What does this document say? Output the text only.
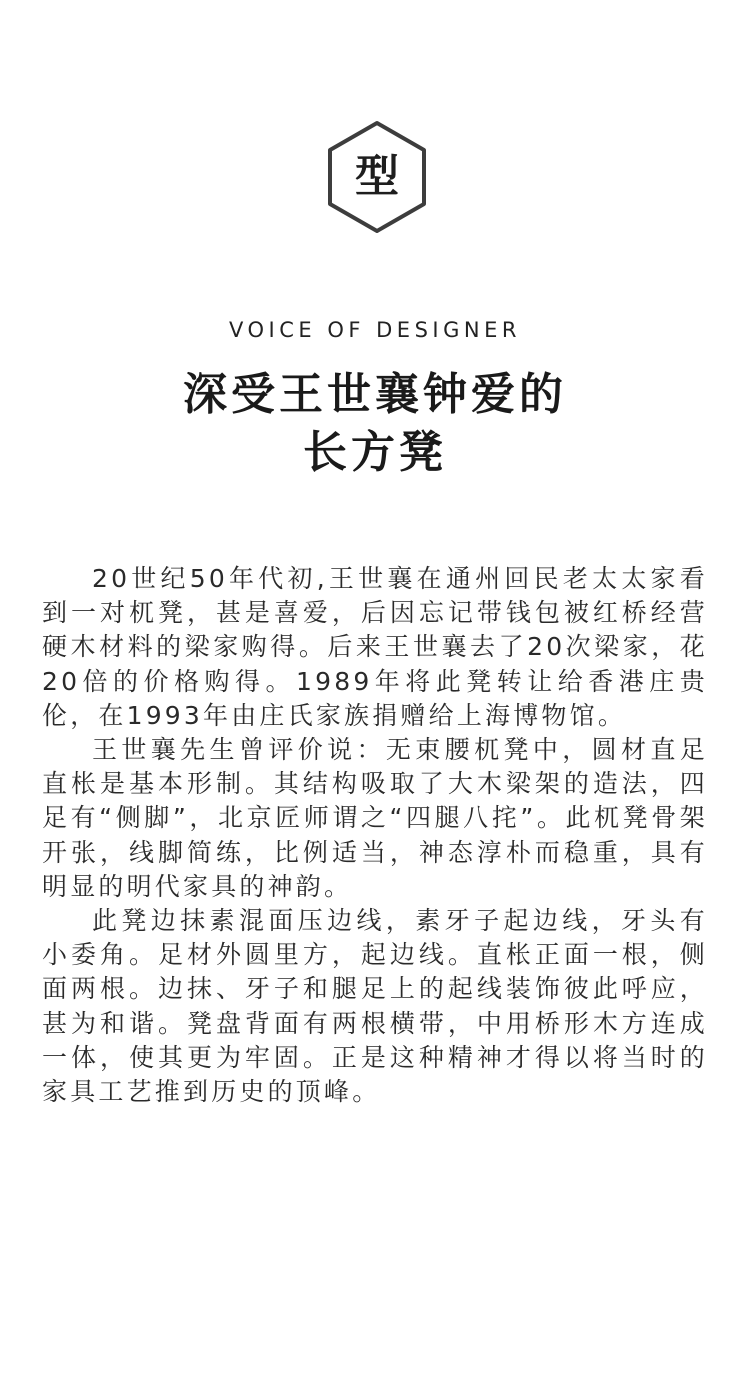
型
VOICE OF DESIGNER
深受王世襄钟爱的
长方凳

20世纪50年代初,王世襄在通州回民老太太家看到一对杌凳，甚是喜爱，后因忘记带钱包被红桥经营硬木材料的梁家购得。后来王世襄去了20次梁家，花20倍的价格购得。1989年将此凳转让给香港庄贵伦，在1993年由庄氏家族捐赠给上海博物馆。

王世襄先生曾评价说：无束腰杌凳中，圆材直足直枨是基本形制。其结构吸取了大木梁架的造法，四足有“侧脚”，北京匠师谓之“四腿八挓”。此杌凳骨架开张，线脚简练，比例适当，神态淳朴而稳重，具有明显的明代家具的神韵。

此凳边抹素混面压边线，素牙子起边线，牙头有小委角。足材外圆里方，起边线。直枨正面一根，侧面两根。边抹、牙子和腿足上的起线装饰彼此呼应，甚为和谐。凳盘背面有两根横带，中用桥形木方连成一体，使其更为牢固。正是这种精神才得以将当时的家具工艺推到历史的顶峰。
